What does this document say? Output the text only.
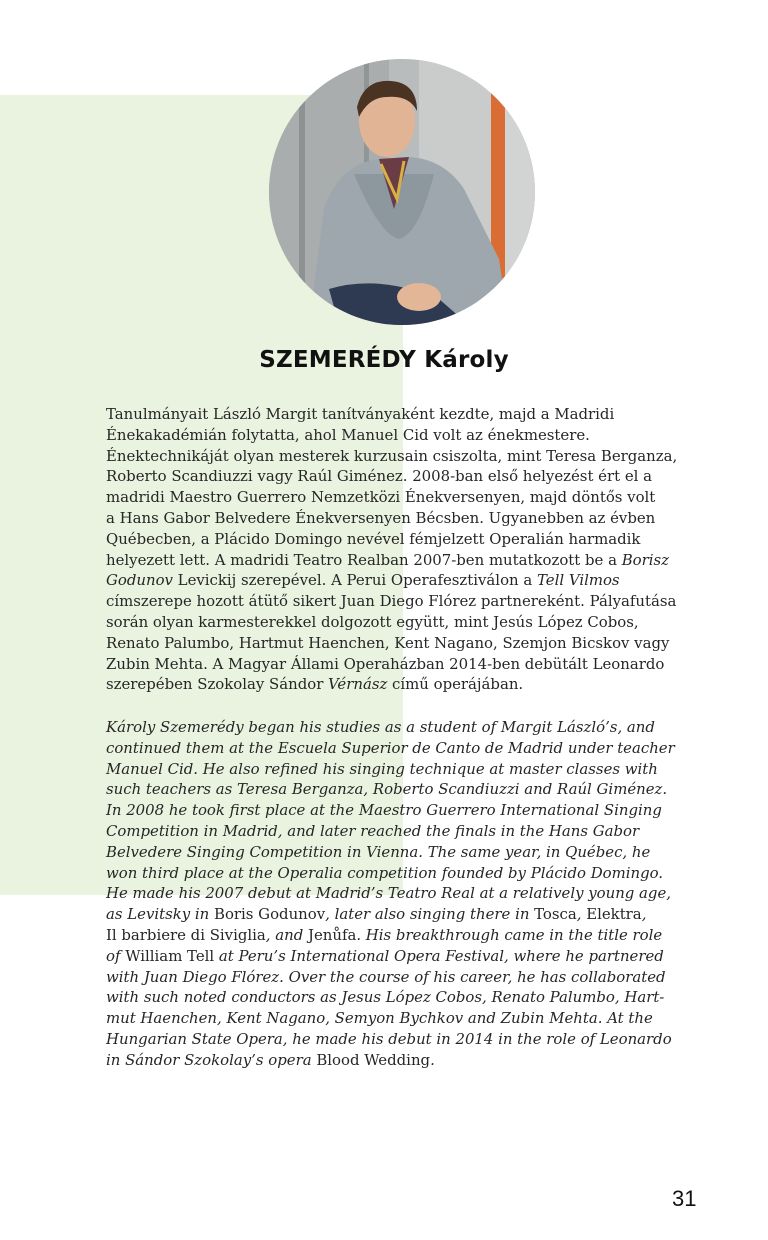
SZEMERÉDY Károly

Tanulmányait László Margit tanítványaként kezdte, majd a Madridi
Énekakadémián folytatta, ahol Manuel Cid volt az énekmestere.
Énektechnikáját olyan mesterek kurzusain csiszolta, mint Teresa Berganza,
Roberto Scandiuzzi vagy Raúl Giménez. 2008-ban első helyezést ért el a
madridi Maestro Guerrero Nemzetközi Énekversenyen, majd döntős volt
a Hans Gabor Belvedere Énekversenyen Bécsben. Ugyanebben az évben
Québecben, a Plácido Domingo nevével fémjelzett Operalián harmadik
helyezett lett. A madridi Teatro Realban 2007-ben mutatkozott be a Borisz
Godunov Levickij szerepével. A Perui Operafesztiválon a Tell Vilmos
címszerepe hozott átütő sikert Juan Diego Flórez partnereként. Pályafutása
során olyan karmesterekkel dolgozott együtt, mint Jesús López Cobos,
Renato Palumbo, Hartmut Haenchen, Kent Nagano, Szemjon Bicskov vagy
Zubin Mehta. A Magyar Állami Operaházban 2014-ben debütált Leonardo
szerepében Szokolay Sándor Vérnász című operájában.

Károly Szemerédy began his studies as a student of Margit László’s, and
continued them at the Escuela Superior de Canto de Madrid under teacher
Manuel Cid. He also refined his singing technique at master classes with
such teachers as Teresa Berganza, Roberto Scandiuzzi and Raúl Giménez.
In 2008 he took first place at the Maestro Guerrero International Singing
Competition in Madrid, and later reached the finals in the Hans Gabor
Belvedere Singing Competition in Vienna. The same year, in Québec, he
won third place at the Operalia competition founded by Plácido Domingo.
He made his 2007 debut at Madrid’s Teatro Real at a relatively young age,
as Levitsky in Boris Godunov, later also singing there in Tosca, Elektra,
Il barbiere di Siviglia, and Jenůfa. His breakthrough came in the title role
of William Tell at Peru’s International Opera Festival, where he partnered
with Juan Diego Flórez. Over the course of his career, he has collaborated
with such noted conductors as Jesus López Cobos, Renato Palumbo, Hart-
mut Haenchen, Kent Nagano, Semyon Bychkov and Zubin Mehta. At the
Hungarian State Opera, he made his debut in 2014 in the role of Leonardo
in Sándor Szokolay’s opera Blood Wedding.

31
